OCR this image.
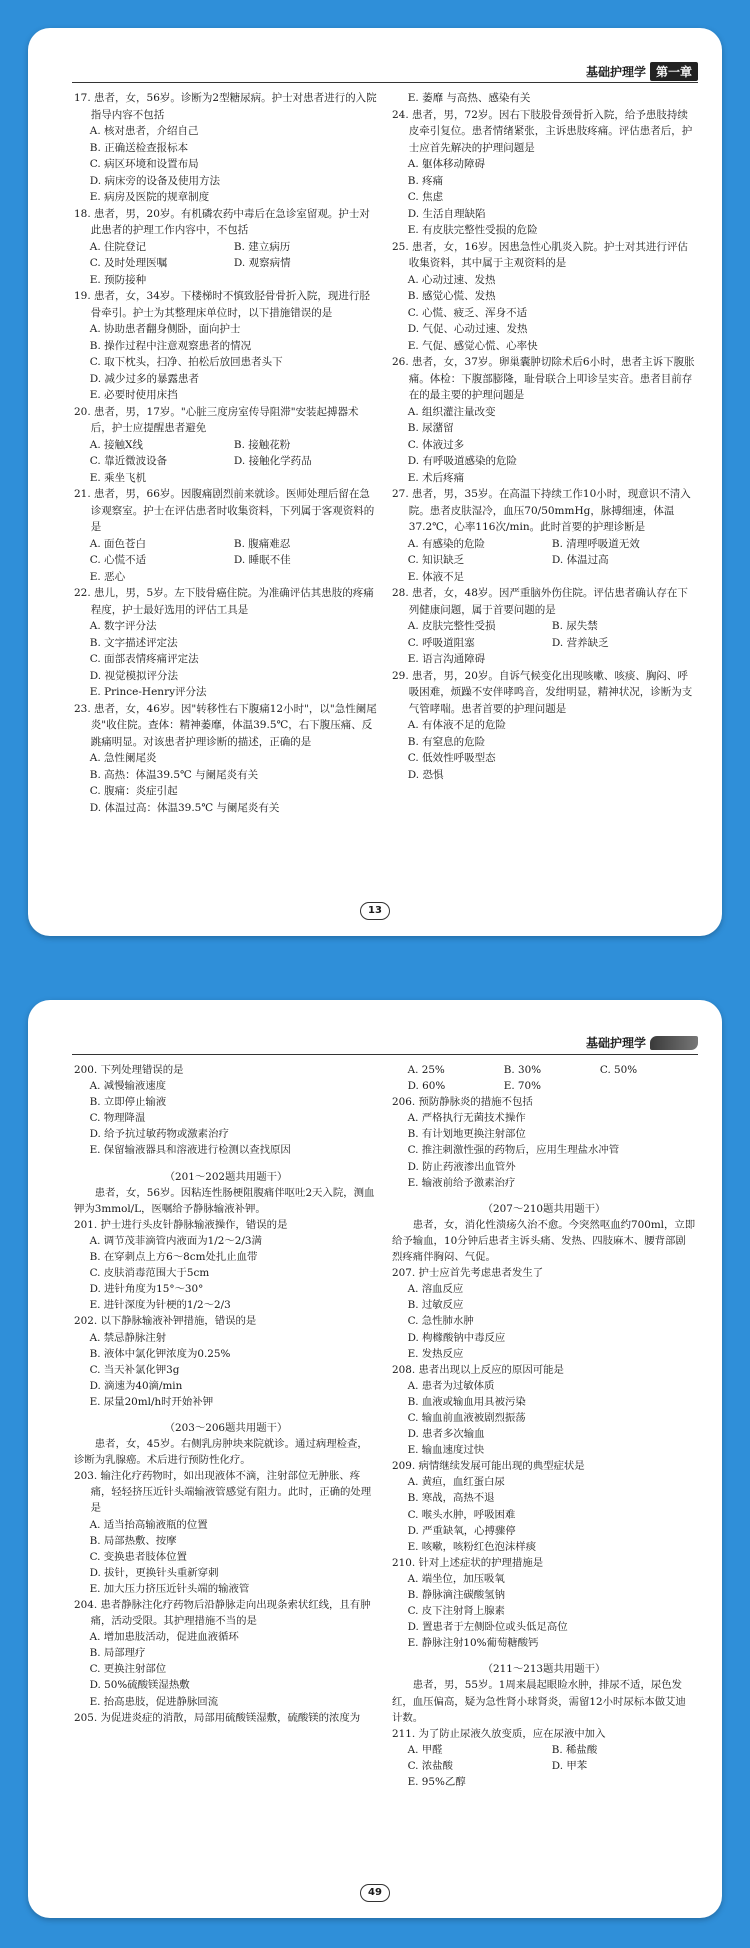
基础护理学 第一章

17. 患者，女，56岁。诊断为2型糖尿病。护士对患者进行的入院指导内容不包括

A. 核对患者，介绍自己

B. 正确送检查报标本

C. 病区环境和设置布局

D. 病床旁的设备及使用方法

E. 病房及医院的规章制度

18. 患者，男，20岁。有机磷农药中毒后在急诊室留观。护士对此患者的护理工作内容中，不包括

A. 住院登记	B. 建立病历
C. 及时处理医嘱	D. 观察病情
E. 预防接种

19. 患者，女，34岁。下楼梯时不慎致胫骨骨折入院，现进行胫骨牵引。护士为其整理床单位时，以下措施错误的是

A. 协助患者翻身侧卧，面向护士

B. 操作过程中注意观察患者的情况

C. 取下枕头，扫净、拍松后放回患者头下

D. 减少过多的暴露患者

E. 必要时使用床挡

20. 患者，男，17岁。"心脏三度房室传导阻滞"安装起搏器术后，护士应提醒患者避免

A. 接触X线	B. 接触花粉
C. 靠近微波设备	D. 接触化学药品
E. 乘坐飞机

21. 患者，男，66岁。因腹痛剧烈前来就诊。医师处理后留在急诊观察室。护士在评估患者时收集资料，下列属于客观资料的是

A. 面色苍白	B. 腹痛难忍
C. 心慌不适	D. 睡眠不佳
E. 恶心

22. 患儿，男，5岁。左下肢骨癌住院。为准确评估其患肢的疼痛程度，护士最好选用的评估工具是

A. 数字评分法

B. 文字描述评定法

C. 面部表情疼痛评定法

D. 视觉模拟评分法

E. Prince-Henry评分法

23. 患者，女，46岁。因"转移性右下腹痛12小时"，以"急性阑尾炎"收住院。查体：精神萎靡，体温39.5℃，右下腹压痛、反跳痛明显。对该患者护理诊断的描述，正确的是

A. 急性阑尾炎

B. 高热：体温39.5℃ 与阑尾炎有关

C. 腹痛：炎症引起

D. 体温过高：体温39.5℃ 与阑尾炎有关

E. 萎靡 与高热、感染有关

24. 患者，男，72岁。因右下肢股骨颈骨折入院，给予患肢持续皮牵引复位。患者情绪紧张，主诉患肢疼痛。评估患者后，护士应首先解决的护理问题是

A. 躯体移动障碍

B. 疼痛

C. 焦虑

D. 生活自理缺陷

E. 有皮肤完整性受损的危险

25. 患者，女，16岁。因患急性心肌炎入院。护士对其进行评估收集资料，其中属于主观资料的是

A. 心动过速、发热

B. 感觉心慌、发热

C. 心慌、疲乏、浑身不适

D. 气促、心动过速、发热

E. 气促、感觉心慌、心率快

26. 患者，女，37岁。卵巢囊肿切除术后6小时，患者主诉下腹胀痛。体检：下腹部膨隆，耻骨联合上叩诊呈实音。患者目前存在的最主要的护理问题是

A. 组织灌注量改变

B. 尿潴留

C. 体液过多

D. 有呼吸道感染的危险

E. 术后疼痛

27. 患者，男，35岁。在高温下持续工作10小时，现意识不清入院。患者皮肤湿冷，血压70/50mmHg，脉搏细速，体温37.2℃，心率116次/min。此时首要的护理诊断是

A. 有感染的危险	B. 清理呼吸道无效
C. 知识缺乏	D. 体温过高
E. 体液不足

28. 患者，女，48岁。因严重脑外伤住院。评估患者确认存在下列健康问题，属于首要问题的是

A. 皮肤完整性受损	B. 尿失禁
C. 呼吸道阻塞	D. 营养缺乏
E. 语言沟通障碍

29. 患者，男，20岁。自诉气候变化出现咳嗽、咳痰、胸闷、呼吸困难，烦躁不安伴哮鸣音，发绀明显，精神状况，诊断为支气管哮喘。患者首要的护理问题是

A. 有体液不足的危险

B. 有窒息的危险

C. 低效性呼吸型态

D. 恐惧

13
基础护理学

200. 下列处理错误的是

A. 减慢输液速度

B. 立即停止输液

C. 物理降温

D. 给予抗过敏药物或激素治疗

E. 保留输液器具和溶液进行检测以查找原因

（201～202题共用题干）

患者，女，56岁。因粘连性肠梗阻腹痛伴呕吐2天入院，测血钾为3mmol/L，医嘱给予静脉输液补钾。

201. 护士进行头皮针静脉输液操作，错误的是

A. 调节茂菲滴管内液面为1/2～2/3满

B. 在穿刺点上方6～8cm处扎止血带

C. 皮肤消毒范围大于5cm

D. 进针角度为15°～30°

E. 进针深度为针梗的1/2～2/3

202. 以下静脉输液补钾措施，错误的是

A. 禁忌静脉注射

B. 液体中氯化钾浓度为0.25%

C. 当天补氯化钾3g

D. 滴速为40滴/min

E. 尿量20ml/h时开始补钾

（203～206题共用题干）

患者，女，45岁。右侧乳房肿块来院就诊。通过病理检查，诊断为乳腺癌。术后进行预防性化疗。

203. 输注化疗药物时，如出现液体不滴，注射部位无肿胀、疼痛，轻轻挤压近针头端输液管感觉有阻力。此时，正确的处理是

A. 适当抬高输液瓶的位置

B. 局部热敷、按摩

C. 变换患者肢体位置

D. 拔针，更换针头重新穿刺

E. 加大压力挤压近针头端的输液管

204. 患者静脉注化疗药物后沿静脉走向出现条索状红线，且有肿痛，活动受限。其护理措施不当的是

A. 增加患肢活动，促进血液循环

B. 局部理疗

C. 更换注射部位

D. 50%硫酸镁湿热敷

E. 抬高患肢，促进静脉回流

205. 为促进炎症的消散，局部用硫酸镁湿敷，硫酸镁的浓度为

A. 25%	B. 30%	C. 50%
D. 60%	E. 70%

206. 预防静脉炎的措施不包括

A. 严格执行无菌技术操作

B. 有计划地更换注射部位

C. 推注刺激性强的药物后，应用生理盐水冲管

D. 防止药液渗出血管外

E. 输液前给予激素治疗

（207～210题共用题干）

患者，女，消化性溃疡久治不愈。今突然呕血约700ml，立即给予输血，10分钟后患者主诉头痛、发热、四肢麻木、腰背部剧烈疼痛伴胸闷、气促。

207. 护士应首先考虑患者发生了

A. 溶血反应

B. 过敏反应

C. 急性肺水肿

D. 枸橼酸钠中毒反应

E. 发热反应

208. 患者出现以上反应的原因可能是

A. 患者为过敏体质

B. 血液或输血用具被污染

C. 输血前血液被剧烈振荡

D. 患者多次输血

E. 输血速度过快

209. 病情继续发展可能出现的典型症状是

A. 黄疸，血红蛋白尿

B. 寒战，高热不退

C. 喉头水肿，呼吸困难

D. 严重缺氧，心搏骤停

E. 咳嗽，咳粉红色泡沫样痰

210. 针对上述症状的护理措施是

A. 端坐位，加压吸氧

B. 静脉滴注碳酸氢钠

C. 皮下注射肾上腺素

D. 置患者于左侧卧位或头低足高位

E. 静脉注射10%葡萄糖酸钙

（211～213题共用题干）

患者，男，55岁。1周来晨起眼睑水肿，排尿不适，尿色发红，血压偏高，疑为急性肾小球肾炎，需留12小时尿标本做艾迪计数。

211. 为了防止尿液久放变质，应在尿液中加入

A. 甲醛	B. 稀盐酸
C. 浓盐酸	D. 甲苯
E. 95%乙醇
49
